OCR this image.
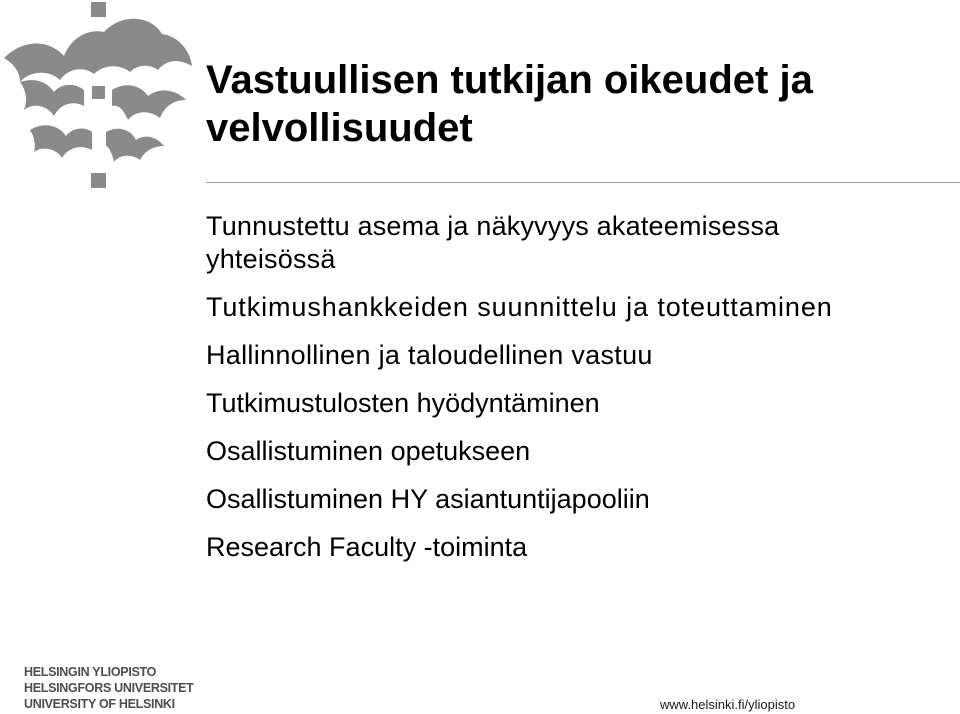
Vastuullisen tutkijan oikeudet ja velvollisuudet
Tunnustettu asema ja näkyvyys akateemisessa yhteisössä
Tutkimushankkeiden suunnittelu ja toteuttaminen
Hallinnollinen ja taloudellinen vastuu
Tutkimustulosten hyödyntäminen
Osallistuminen opetukseen
Osallistuminen HY asiantuntijapooliin
Research Faculty -toiminta
HELSINGIN YLIOPISTO
HELSINGFORS UNIVERSITET
UNIVERSITY OF HELSINKI	www.helsinki.fi/yliopisto
